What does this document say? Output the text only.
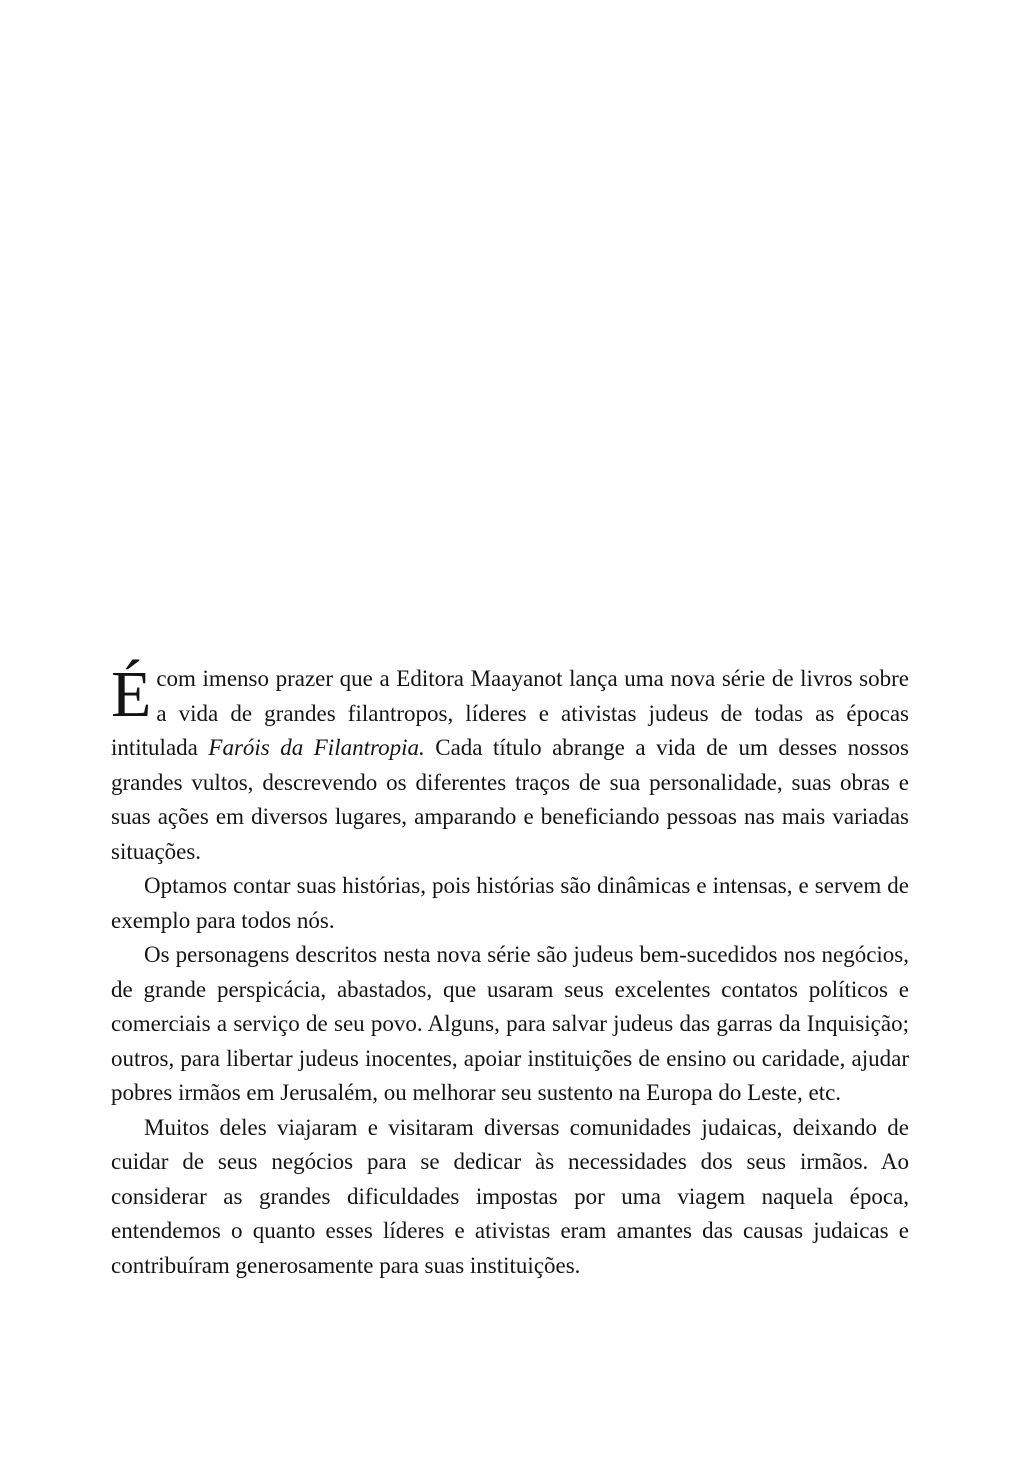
Écom imenso prazer que a Editora Maayanot lança uma nova série de livros sobre a vida de grandes filantropos, líderes e ativistas judeus de todas as épocas intitulada Faróis da Filantropia. Cada título abrange a vida de um desses nossos grandes vultos, descrevendo os diferentes traços de sua personalidade, suas obras e suas ações em diversos lugares, amparando e beneficiando pessoas nas mais variadas situações.

Optamos contar suas histórias, pois histórias são dinâmicas e intensas, e servem de exemplo para todos nós.

Os personagens descritos nesta nova série são judeus bem-sucedidos nos negócios, de grande perspicácia, abastados, que usaram seus excelentes contatos políticos e comerciais a serviço de seu povo. Alguns, para salvar judeus das garras da Inquisição; outros, para libertar judeus inocentes, apoiar instituições de ensino ou caridade, ajudar pobres irmãos em Jerusalém, ou melhorar seu sustento na Europa do Leste, etc.

Muitos deles viajaram e visitaram diversas comunidades judaicas, deixando de cuidar de seus negócios para se dedicar às necessidades dos seus irmãos. Ao considerar as grandes dificuldades impostas por uma viagem naquela época, entendemos o quanto esses líderes e ativistas eram amantes das causas judaicas e contribuíram generosamente para suas instituições.
